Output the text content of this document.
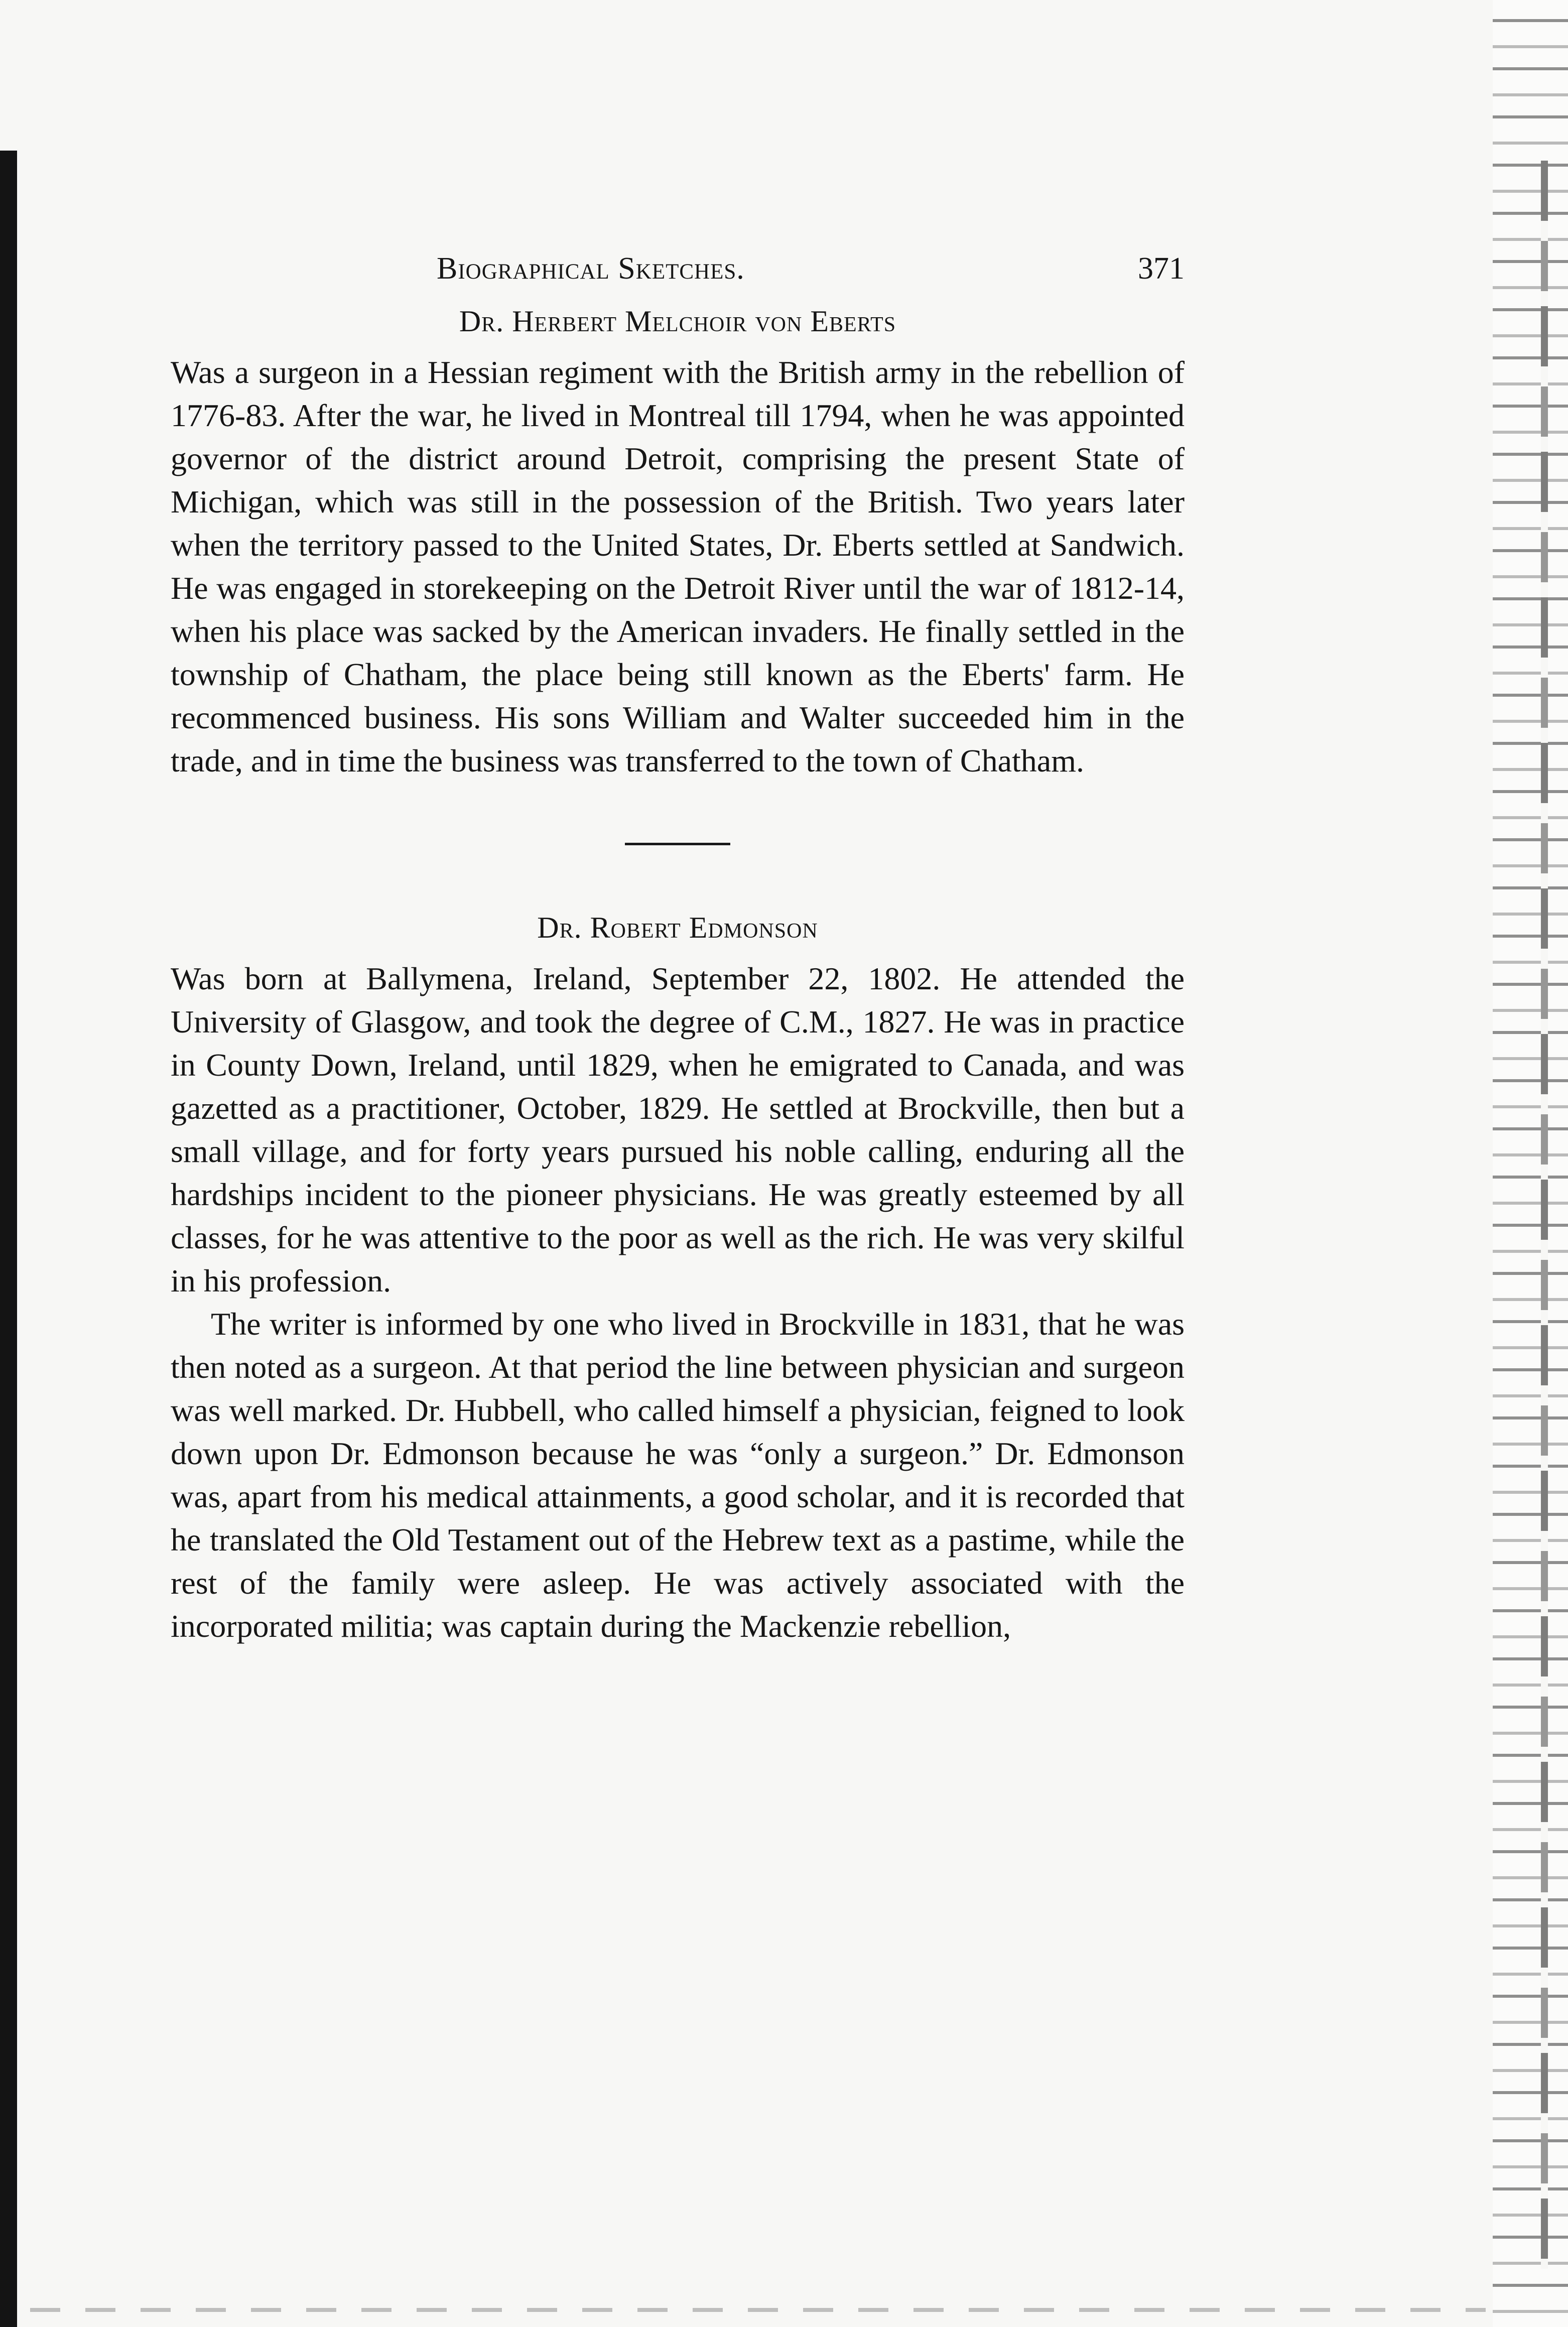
Biographical Sketches.	371
Dr. Herbert Melchoir von Eberts

Was a surgeon in a Hessian regiment with the British army in the rebellion of 1776-83. After the war, he lived in Montreal till 1794, when he was appointed governor of the district around Detroit, comprising the present State of Michigan, which was still in the possession of the British. Two years later when the territory passed to the United States, Dr. Eberts settled at Sandwich. He was engaged in storekeeping on the Detroit River until the war of 1812-14, when his place was sacked by the American invaders. He finally settled in the township of Chatham, the place being still known as the Eberts' farm. He recommenced business. His sons William and Walter succeeded him in the trade, and in time the business was transferred to the town of Chatham.

Dr. Robert Edmonson

Was born at Ballymena, Ireland, September 22, 1802. He attended the University of Glasgow, and took the degree of C.M., 1827. He was in practice in County Down, Ireland, until 1829, when he emigrated to Canada, and was gazetted as a practitioner, October, 1829. He settled at Brockville, then but a small village, and for forty years pursued his noble calling, enduring all the hardships incident to the pioneer physicians. He was greatly esteemed by all classes, for he was attentive to the poor as well as the rich. He was very skilful in his profession.

The writer is informed by one who lived in Brockville in 1831, that he was then noted as a surgeon. At that period the line between physician and surgeon was well marked. Dr. Hubbell, who called himself a physician, feigned to look down upon Dr. Edmonson because he was “only a surgeon.” Dr. Edmonson was, apart from his medical attainments, a good scholar, and it is recorded that he translated the Old Testament out of the Hebrew text as a pastime, while the rest of the family were asleep. He was actively associated with the incorporated militia; was captain during the Mackenzie rebellion,
